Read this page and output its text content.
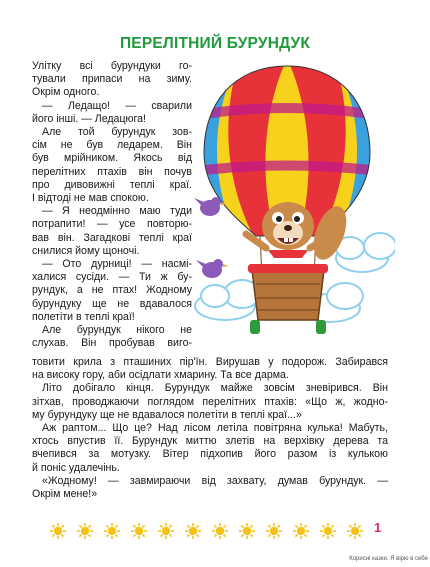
ПЕРЕЛІТНИЙ БУРУНДУК
Улітку всі бурундуки го-
тували припаси на зиму.
Окрім одного.
— Ледащо! — сварили
його інші. — Ледацюга!
Але той бурундук зов-
сім не був ледарем. Він
був мрійником. Якось від
перелітних птахів він почув
про дивовижні теплі краї.
І відтоді не мав спокою.
— Я неодмінно маю туди
потрапити! — усе повторю-
вав він. Загадкові теплі краї
снилися йому щоночі.
— Ото дурниці! — насмі-
халися сусіди. — Ти ж бу-
рундук, а не птах! Жодному
бурундуку ще не вдавалося
полетіти в теплі краї!
Але бурундук нікого не
слухав. Він пробував виго-
товити крила з пташиних пір'їн. Вирушав у подорож. Забирався
на високу гору, аби осідлати хмарину. Та все дарма.
Літо добігало кінця. Бурундук майже зовсім зневірився. Він
зітхав, проводжаючи поглядом перелітних птахів: «Що ж, жодно-
му бурундуку ще не вдавалося полетіти в теплі краї...»
Аж раптом... Що це? Над лісом летіла повітряна кулька! Мабуть,
хтось впустив її. Бурундук миттю злетів на верхівку дерева та
вчепився за мотузку. Вітер підхопив його разом із кулькою
й поніс удалечінь.
«Жодному! — завмираючи від захвату, думав бурундук. —
Окрім мене!»
1
Корисні казки. Я вірю в себе
